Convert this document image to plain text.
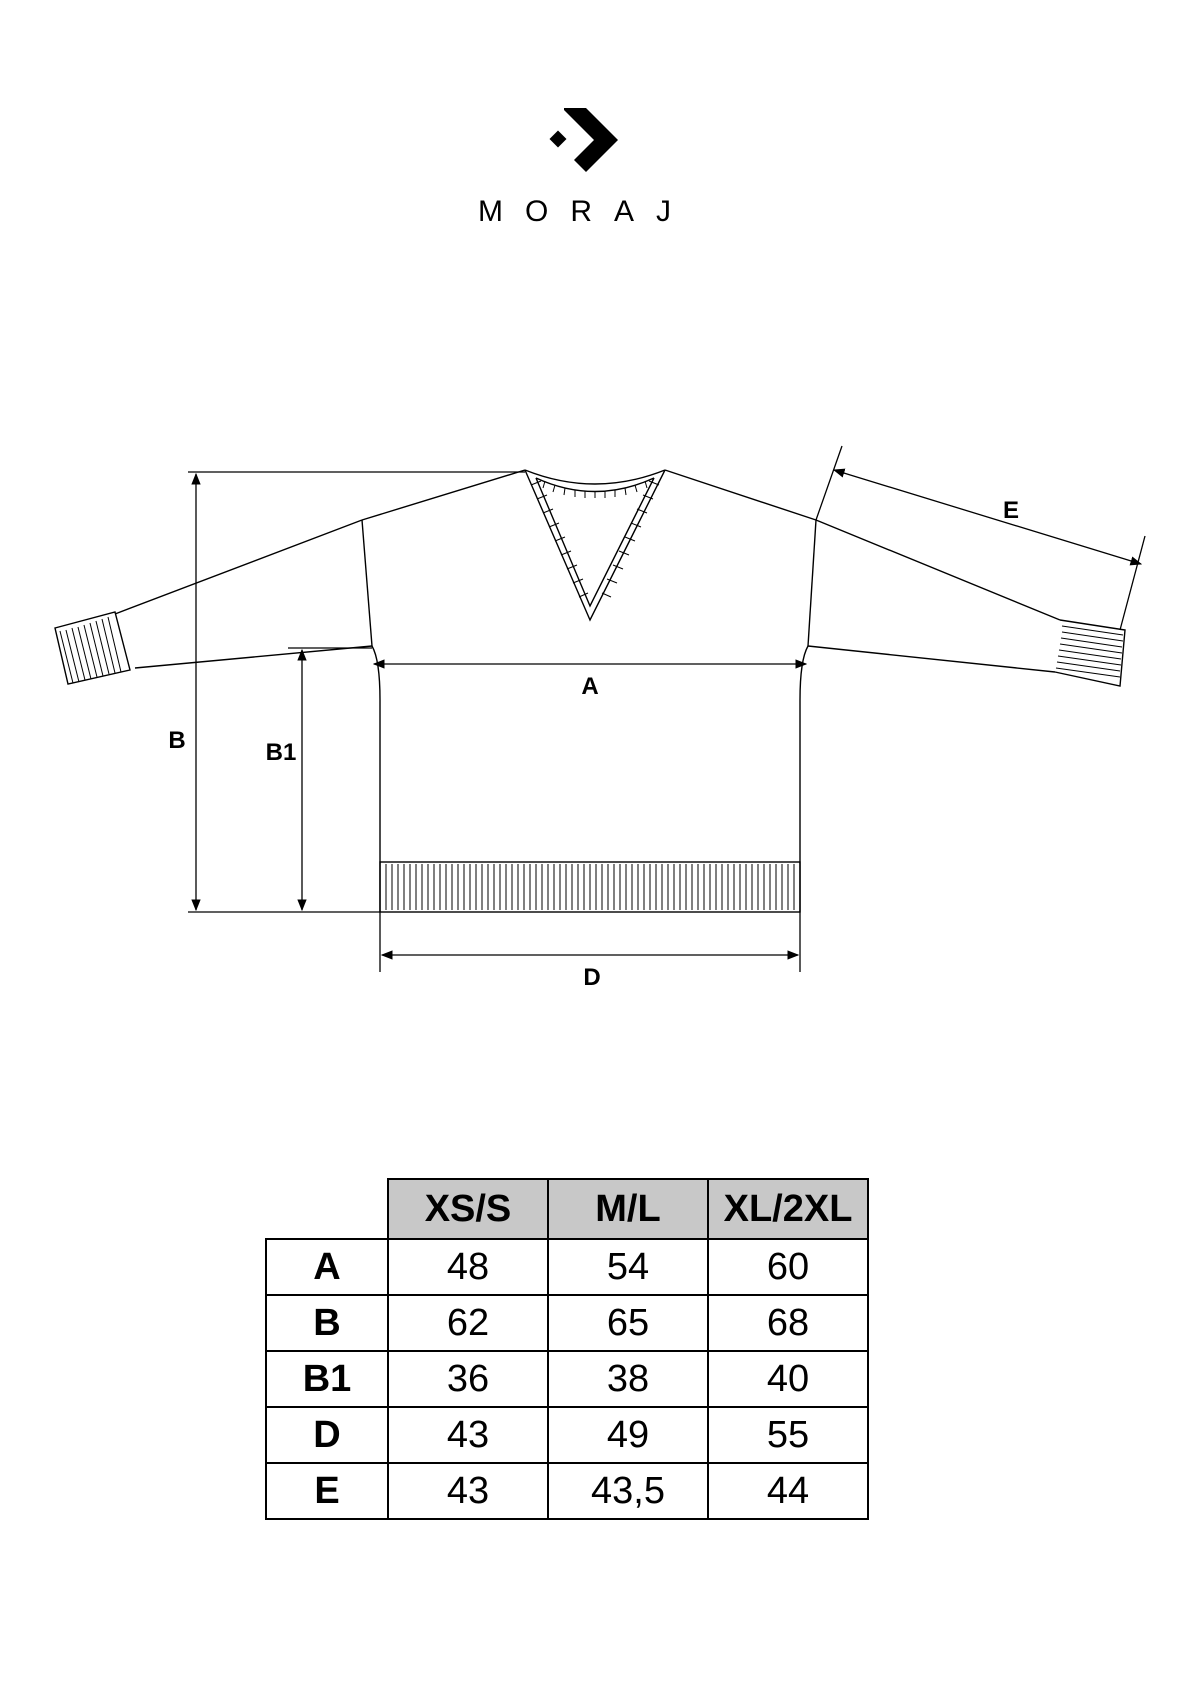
MORAJ
A
B	B1
D
E
	XS/S	M/L	XL/2XL
A	48	54	60
B	62	65	68
B1	36	38	40
D	43	49	55
E	43	43,5	44
